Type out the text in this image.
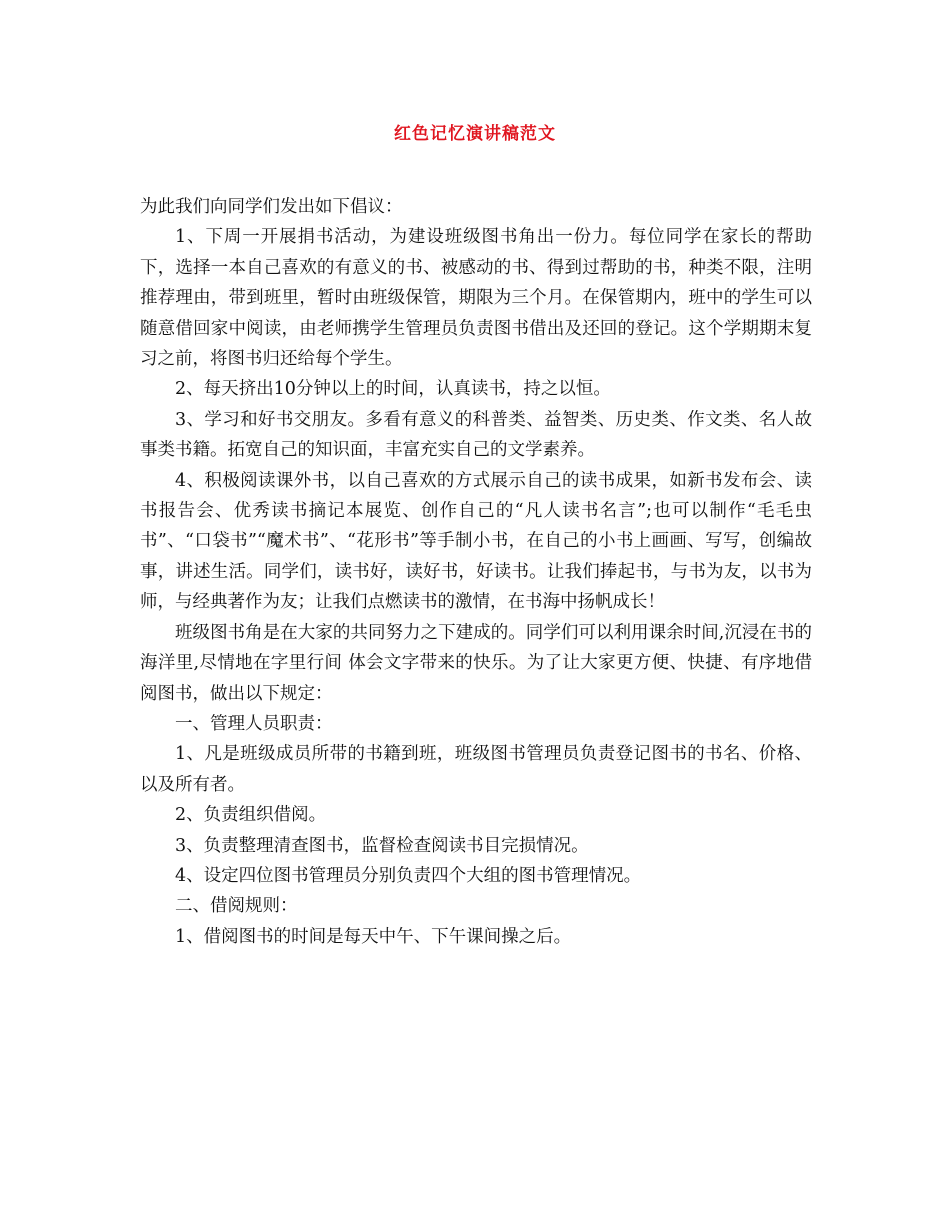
红色记忆演讲稿范文

为此我们向同学们发出如下倡议：

1、下周一开展捐书活动，为建设班级图书角出一份力。每位同学在家长的帮助下，选择一本自己喜欢的有意义的书、被感动的书、得到过帮助的书，种类不限，注明推荐理由，带到班里，暂时由班级保管，期限为三个月。在保管期内，班中的学生可以随意借回家中阅读，由老师携学生管理员负责图书借出及还回的登记。这个学期期末复习之前，将图书归还给每个学生。

2、每天挤出10分钟以上的时间，认真读书，持之以恒。

3、学习和好书交朋友。多看有意义的科普类、益智类、历史类、作文类、名人故事类书籍。拓宽自己的知识面，丰富充实自己的文学素养。

4、积极阅读课外书，以自己喜欢的方式展示自己的读书成果，如新书发布会、读书报告会、优秀读书摘记本展览、创作自己的“凡人读书名言”;也可以制作“毛毛虫书”、“口袋书”“魔术书”、“花形书”等手制小书，在自己的小书上画画、写写，创编故事，讲述生活。同学们，读书好，读好书，好读书。让我们捧起书，与书为友，以书为师，与经典著作为友；让我们点燃读书的激情，在书海中扬帆成长！

班级图书角是在大家的共同努力之下建成的。同学们可以利用课余时间,沉浸在书的海洋里,尽情地在字里行间 体会文字带来的快乐。为了让大家更方便、快捷、有序地借阅图书，做出以下规定：

一、管理人员职责：

1、凡是班级成员所带的书籍到班，班级图书管理员负责登记图书的书名、价格、以及所有者。

2、负责组织借阅。

3、负责整理清查图书，监督检查阅读书目完损情况。

4、设定四位图书管理员分别负责四个大组的图书管理情况。

二、借阅规则：

1、借阅图书的时间是每天中午、下午课间操之后。
